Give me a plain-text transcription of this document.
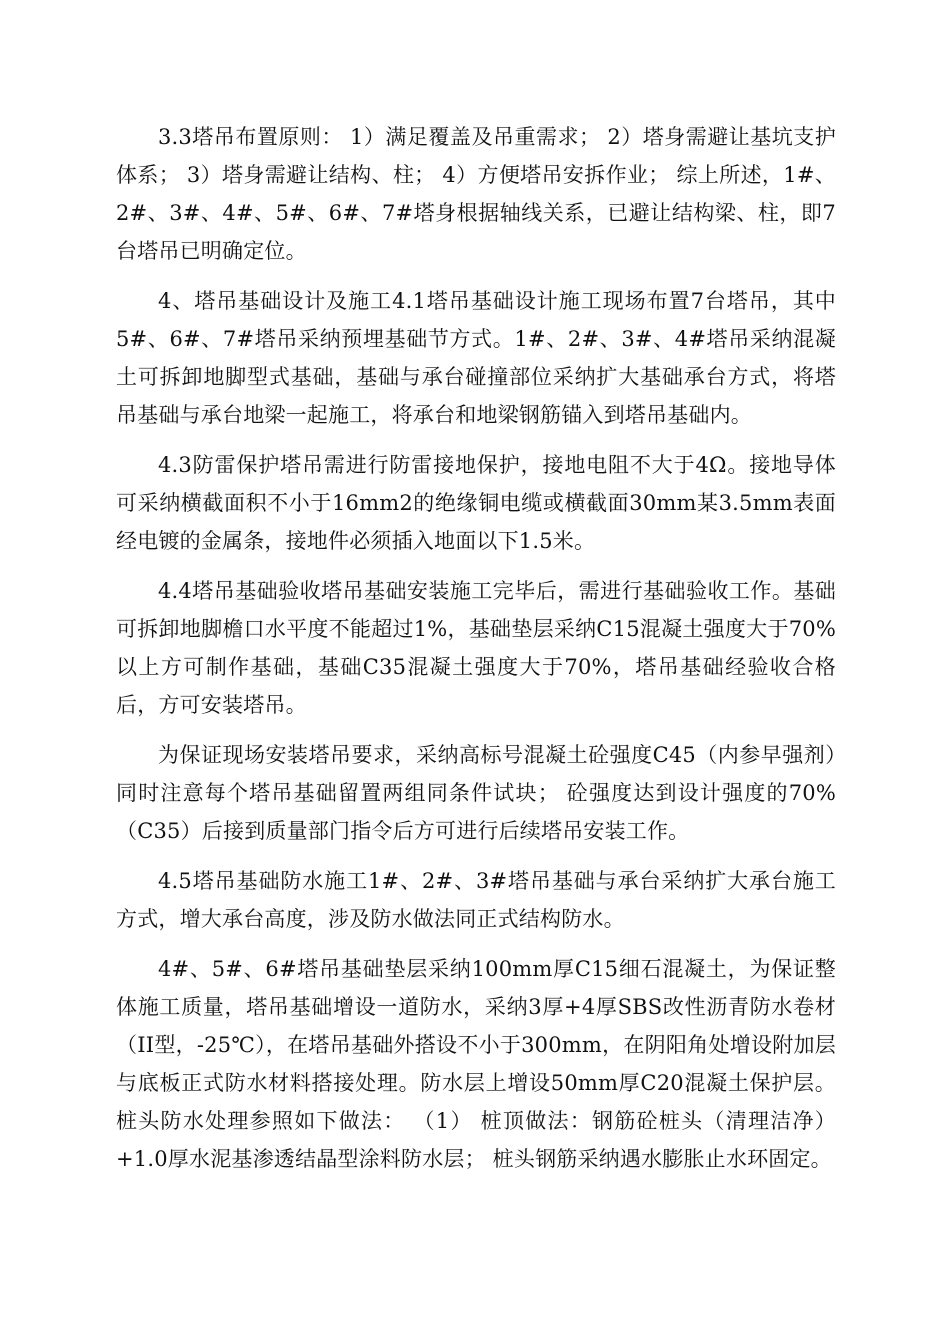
3.3塔吊布置原则： 1）满足覆盖及吊重需求； 2）塔身需避让基坑支护体系； 3）塔身需避让结构、柱； 4）方便塔吊安拆作业； 综上所述，1#、2#、3#、4#、5#、6#、7#塔身根据轴线关系，已避让结构梁、柱，即7台塔吊已明确定位。

4、塔吊基础设计及施工4.1塔吊基础设计施工现场布置7台塔吊，其中5#、6#、7#塔吊采纳预埋基础节方式。1#、2#、3#、4#塔吊采纳混凝土可拆卸地脚型式基础，基础与承台碰撞部位采纳扩大基础承台方式，将塔吊基础与承台地梁一起施工，将承台和地梁钢筋锚入到塔吊基础内。

4.3防雷保护塔吊需进行防雷接地保护，接地电阻不大于4Ω。接地导体可采纳横截面积不小于16mm2的绝缘铜电缆或横截面30mm某3.5mm表面经电镀的金属条，接地件必须插入地面以下1.5米。

4.4塔吊基础验收塔吊基础安装施工完毕后，需进行基础验收工作。基础可拆卸地脚檐口水平度不能超过1%，基础垫层采纳C15混凝土强度大于70%以上方可制作基础，基础C35混凝土强度大于70%，塔吊基础经验收合格后，方可安装塔吊。

为保证现场安装塔吊要求，采纳高标号混凝土砼强度C45（内参早强剂）同时注意每个塔吊基础留置两组同条件试块； 砼强度达到设计强度的70%（C35）后接到质量部门指令后方可进行后续塔吊安装工作。

4.5塔吊基础防水施工1#、2#、3#塔吊基础与承台采纳扩大承台施工方式，增大承台高度，涉及防水做法同正式结构防水。

4#、5#、6#塔吊基础垫层采纳100mm厚C15细石混凝土，为保证整体施工质量，塔吊基础增设一道防水，采纳3厚+4厚SBS改性沥青防水卷材（II型，-25℃），在塔吊基础外搭设不小于300mm，在阴阳角处增设附加层与底板正式防水材料搭接处理。防水层上增设50mm厚C20混凝土保护层。桩头防水处理参照如下做法： （1） 桩顶做法：钢筋砼桩头（清理洁净）+1.0厚水泥基渗透结晶型涂料防水层； 桩头钢筋采纳遇水膨胀止水环固定。
